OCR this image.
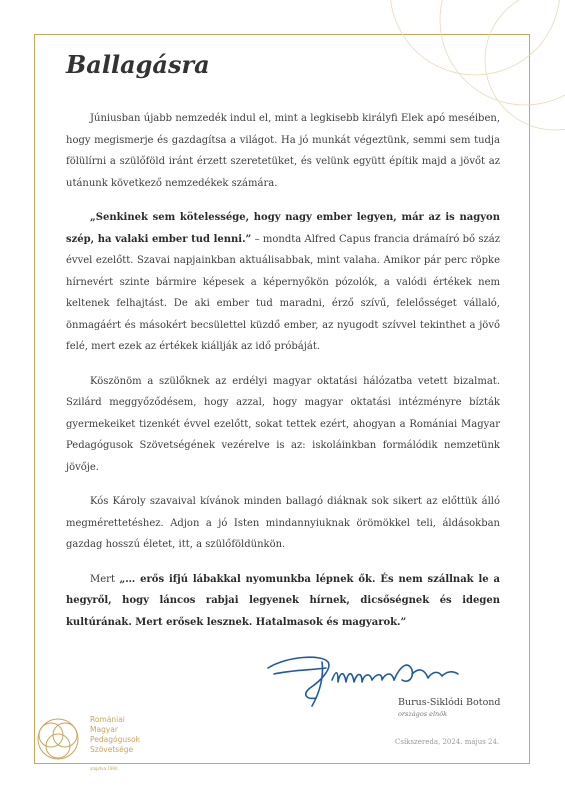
Ballagásra

Júniusban újabb nemzedék indul el, mint a legkisebb királyfi Elek apó meséiben, hogy megismerje és gazdagítsa a világot. Ha jó munkát végeztünk, semmi sem tudja fölülírni a szülőföld iránt érzett szeretetüket, és velünk együtt építik majd a jövőt az utánunk következő nemzedékek számára.

„Senkinek sem kötelessége, hogy nagy ember legyen, már az is nagyon szép, ha valaki ember tud lenni.” – mondta Alfred Capus francia drámaíró bő száz évvel ezelőtt. Szavai napjainkban aktuálisabbak, mint valaha. Amikor pár perc röpke hírnevért szinte bármire képesek a képernyőkön pózolók, a valódi értékek nem keltenek felhajtást. De aki ember tud maradni, érző szívű, felelősséget vállaló, önmagáért és másokért becsülettel küzdő ember, az nyugodt szívvel tekinthet a jövő felé, mert ezek az értékek kiállják az idő próbáját.

Köszönöm a szülőknek az erdélyi magyar oktatási hálózatba vetett bizalmat. Szilárd meggyőződésem, hogy azzal, hogy magyar oktatási intézményre bízták gyermekeiket tizenkét évvel ezelőtt, sokat tettek ezért, ahogyan a Romániai Magyar Pedagógusok Szövetségének vezérelve is az: iskoláinkban formálódik nemzetünk jövője.

Kós Károly szavaival kívánok minden ballagó diáknak sok sikert az előttük álló megmérettetéshez. Adjon a jó Isten mindannyiuknak örömökkel teli, áldásokban gazdag hosszú életet, itt, a szülőföldünkön.

Mert „… erős ifjú lábakkal nyomunkba lépnek ők. És nem szállnak le a hegyről, hogy láncos rabjai legyenek hírnek, dicsőségnek és idegen kultúrának. Mert erősek lesznek. Hatalmasok és magyarok.”

Burus-Siklódi Botond
országos elnök
Csíkszereda, 2024. május 24.
Romániai
Magyar
Pedagógusok
Szövetsége
alapítva 1990
